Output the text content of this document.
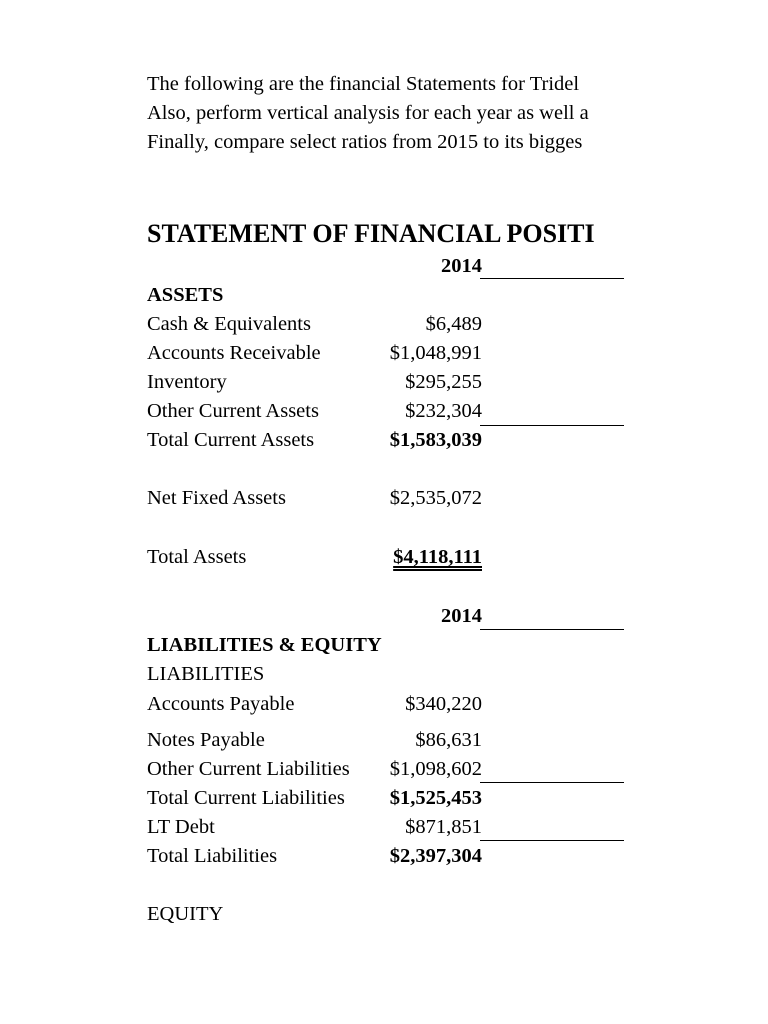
The following are the financial Statements for Tridel
Also, perform vertical analysis for each year as well a
Finally, compare select ratios from 2015 to its bigges
STATEMENT OF FINANCIAL POSITI
2014
ASSETS
Cash & Equivalents	$6,489
Accounts Receivable	$1,048,991
Inventory	$295,255
Other Current Assets	$232,304
Total Current Assets	$1,583,039
Net Fixed Assets	$2,535,072
Total Assets	$4,118,111
2014
LIABILITIES & EQUITY
LIABILITIES
Accounts Payable	$340,220
Notes Payable	$86,631
Other Current Liabilities $1,098,602
Total Current Liabilities $1,525,453
LT Debt	$871,851
Total Liabilities	$2,397,304
EQUITY
